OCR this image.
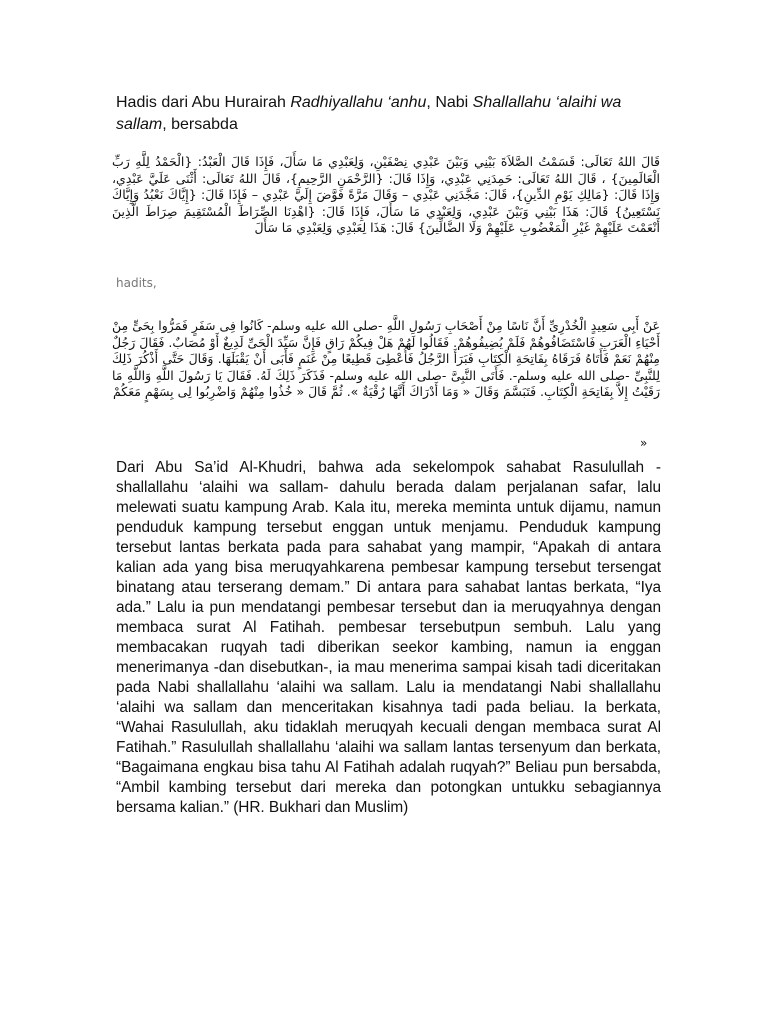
Hadis dari Abu Hurairah Radhiyallahu ‘anhu, Nabi Shallallahu ‘alaihi wa sallam, bersabda
قَالَ اللهُ تَعَالَى: قَسَمْتُ الصَّلاَةَ بَيْنِي وَبَيْنَ عَبْدِي نِصْفَيْنِ، وَلِعَبْدِي مَا سَأَلَ، فَإِذَا قَالَ الْعَبْدُ: {الْحَمْدُ لِلَّهِ رَبِّ الْعَالَمِينَ} ، قَالَ اللهُ تَعَالَى: حَمِدَنِي عَبْدِي، وَإِذَا قَالَ: {الرَّحْمَنِ الرَّحِيمِ}، قَالَ اللهُ تَعَالَى: أَثْنَى عَلَيَّ عَبْدِي، وَإِذَا قَالَ: {مَالِكِ يَوْمِ الدِّينِ}، قَالَ: مَجَّدَنِي عَبْدِي – وَقَالَ مَرَّةً فَوَّضَ إِلَيَّ عَبْدِي – فَإِذَا قَالَ: {إِيَّاكَ نَعْبُدُ وَإِيَّاكَ نَسْتَعِينُ} قَالَ: هَذَا بَيْنِي وَبَيْنَ عَبْدِي، وَلِعَبْدِي مَا سَأَلَ، فَإِذَا قَالَ: {اهْدِنَا الصِّرَاطَ الْمُسْتَقِيمَ صِرَاطَ الَّذِينَ أَنْعَمْتَ عَلَيْهِمْ غَيْرِ الْمَغْضُوبِ عَلَيْهِمْ وَلَا الضَّالِّينَ} قَالَ: هَذَا لِعَبْدِي وَلِعَبْدِي مَا سَأَلَ
hadits,
عَنْ أَبِى سَعِيدٍ الْخُدْرِىِّ أَنَّ نَاسًا مِنْ أَصْحَابِ رَسُولِ اللَّهِ -صلى الله عليه وسلم- كَانُوا فِى سَفَرٍ فَمَرُّوا بِحَىٍّ مِنْ أَحْيَاءِ الْعَرَبِ فَاسْتَضَافُوهُمْ فَلَمْ يُضِيفُوهُمْ. فَقَالُوا لَهُمْ هَلْ فِيكُمْ رَاقٍ فَإِنَّ سَيِّدَ الْحَىِّ لَدِيغٌ أَوْ مُصَابٌ. فَقَالَ رَجُلٌ مِنْهُمْ نَعَمْ فَأَتَاهُ فَرَقَاهُ بِفَاتِحَةِ الْكِتَابِ فَبَرَأَ الرَّجُلُ فَأُعْطِىَ قَطِيعًا مِنْ غَنَمٍ فَأَبَى أَنْ يَقْبَلَهَا. وَقَالَ حَتَّى أَذْكُرَ ذَلِكَ لِلنَّبِىِّ -صلى الله عليه وسلم-. فَأَتَى النَّبِىَّ -صلى الله عليه وسلم- فَذَكَرَ ذَلِكَ لَهُ. فَقَالَ يَا رَسُولَ اللَّهِ وَاللَّهِ مَا رَقَيْتُ إِلاَّ بِفَاتِحَةِ الْكِتَابِ. فَتَبَسَّمَ وَقَالَ « وَمَا أَدْرَاكَ أَنَّهَا رُقْيَةٌ ». ثُمَّ قَالَ « خُذُوا مِنْهُمْ وَاضْرِبُوا لِى بِسَهْمٍ مَعَكُمْ
»
Dari Abu Sa’id Al-Khudri, bahwa ada sekelompok sahabat Rasulullah -shallallahu ‘alaihi wa sallam- dahulu berada dalam perjalanan safar, lalu melewati suatu kampung Arab. Kala itu, mereka meminta untuk dijamu, namun penduduk kampung tersebut enggan untuk menjamu. Penduduk kampung tersebut lantas berkata pada para sahabat yang mampir, “Apakah di antara kalian ada yang bisa meruqyahkarena pembesar kampung tersebut tersengat binatang atau terserang demam.” Di antara para sahabat lantas berkata, “Iya ada.” Lalu ia pun mendatangi pembesar tersebut dan ia meruqyahnya dengan membaca surat Al Fatihah. pembesar tersebutpun sembuh. Lalu yang membacakan ruqyah tadi diberikan seekor kambing, namun ia enggan menerimanya -dan disebutkan-, ia mau menerima sampai kisah tadi diceritakan pada Nabi shallallahu ‘alaihi wa sallam. Lalu ia mendatangi Nabi shallallahu ‘alaihi wa sallam dan menceritakan kisahnya tadi pada beliau. Ia berkata, “Wahai Rasulullah, aku tidaklah meruqyah kecuali dengan membaca surat Al Fatihah.” Rasulullah shallallahu ‘alaihi wa sallam lantas tersenyum dan berkata, “Bagaimana engkau bisa tahu Al Fatihah adalah ruqyah?” Beliau pun bersabda, “Ambil kambing tersebut dari mereka dan potongkan untukku sebagiannya bersama kalian.” (HR. Bukhari dan Muslim)
